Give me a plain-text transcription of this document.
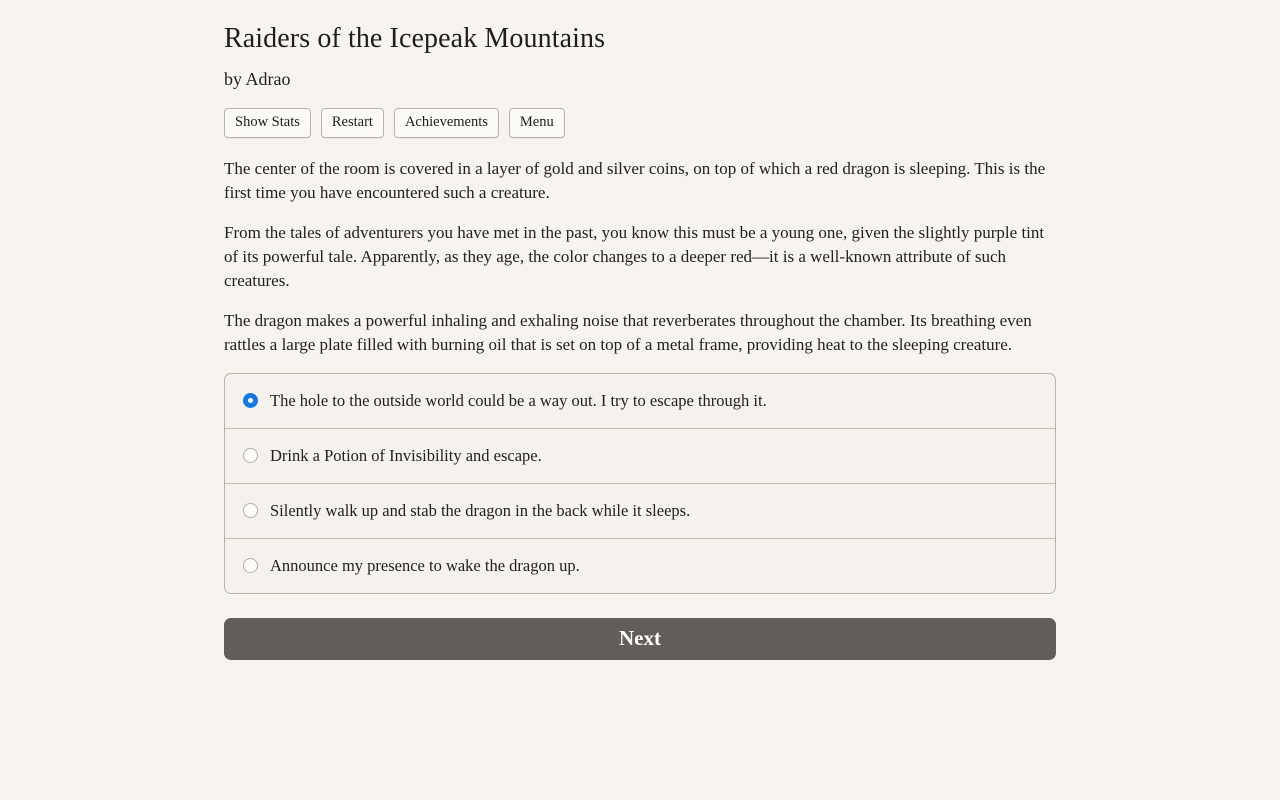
Raiders of the Icepeak Mountains
by Adrao
Show Stats	Restart	Achievements	Menu

The center of the room is covered in a layer of gold and silver coins, on top of which a red dragon is sleeping. This is the first time you have encountered such a creature.

From the tales of adventurers you have met in the past, you know this must be a young one, given the slightly purple tint of its powerful tale. Apparently, as they age, the color changes to a deeper red—it is a well-known attribute of such creatures.

The dragon makes a powerful inhaling and exhaling noise that reverberates throughout the chamber. Its breathing even rattles a large plate filled with burning oil that is set on top of a metal frame, providing heat to the sleeping creature.

The hole to the outside world could be a way out. I try to escape through it.
Drink a Potion of Invisibility and escape.
Silently walk up and stab the dragon in the back while it sleeps.
Announce my presence to wake the dragon up.
Next
